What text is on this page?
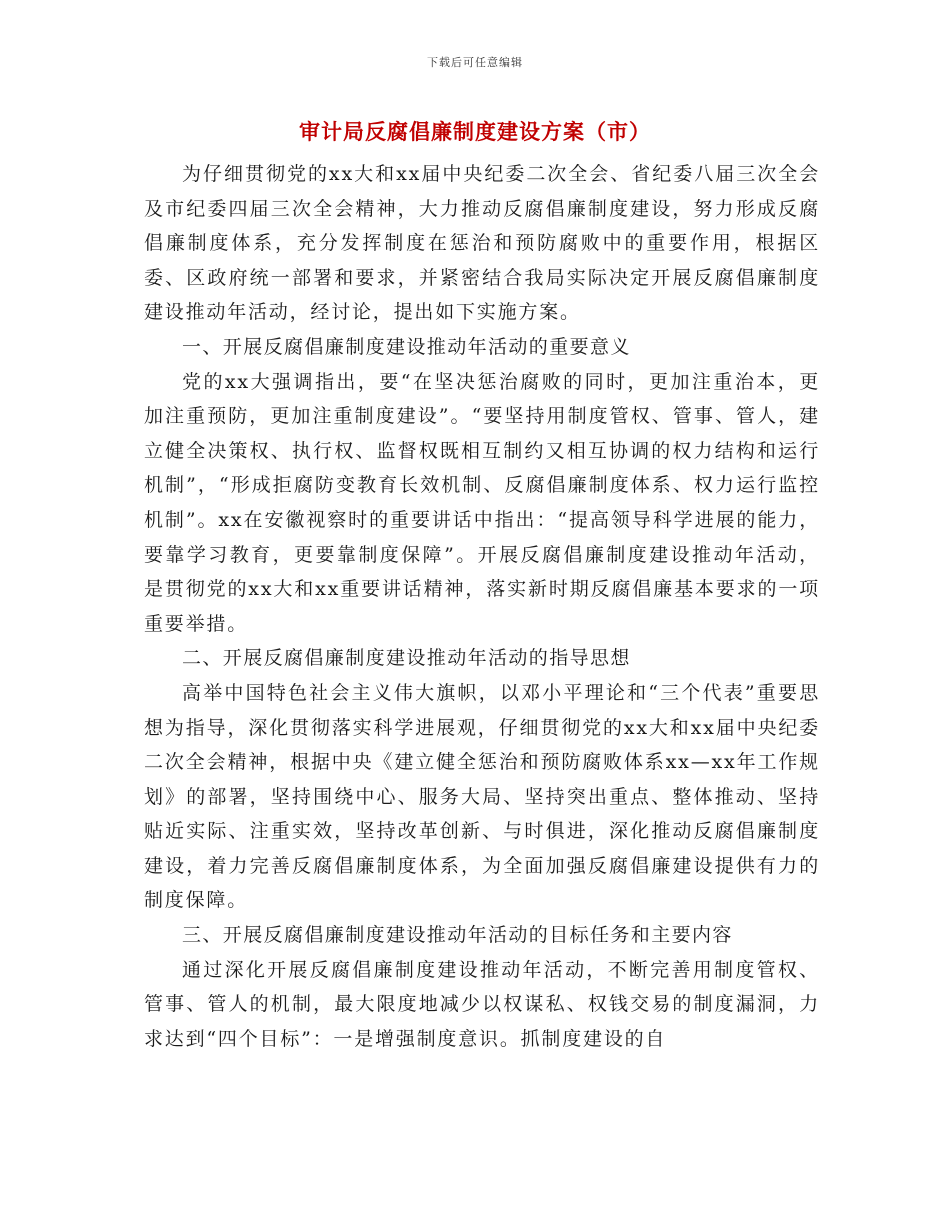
下载后可任意编辑
审计局反腐倡廉制度建设方案（市）

为仔细贯彻党的xx大和xx届中央纪委二次全会、省纪委八届三次全会及市纪委四届三次全会精神，大力推动反腐倡廉制度建设，努力形成反腐倡廉制度体系，充分发挥制度在惩治和预防腐败中的重要作用，根据区委、区政府统一部署和要求，并紧密结合我局实际决定开展反腐倡廉制度建设推动年活动，经讨论，提出如下实施方案。

一、开展反腐倡廉制度建设推动年活动的重要意义

党的xx大强调指出，要“在坚决惩治腐败的同时，更加注重治本，更加注重预防，更加注重制度建设”。“要坚持用制度管权、管事、管人，建立健全决策权、执行权、监督权既相互制约又相互协调的权力结构和运行机制”，“形成拒腐防变教育长效机制、反腐倡廉制度体系、权力运行监控机制”。xx在安徽视察时的重要讲话中指出：“提高领导科学进展的能力，要靠学习教育，更要靠制度保障”。开展反腐倡廉制度建设推动年活动，是贯彻党的xx大和xx重要讲话精神，落实新时期反腐倡廉基本要求的一项重要举措。

二、开展反腐倡廉制度建设推动年活动的指导思想

高举中国特色社会主义伟大旗帜，以邓小平理论和“三个代表”重要思想为指导，深化贯彻落实科学进展观，仔细贯彻党的xx大和xx届中央纪委二次全会精神，根据中央《建立健全惩治和预防腐败体系xx—xx年工作规划》的部署，坚持围绕中心、服务大局、坚持突出重点、整体推动、坚持贴近实际、注重实效，坚持改革创新、与时俱进，深化推动反腐倡廉制度建设，着力完善反腐倡廉制度体系，为全面加强反腐倡廉建设提供有力的制度保障。

三、开展反腐倡廉制度建设推动年活动的目标任务和主要内容

通过深化开展反腐倡廉制度建设推动年活动，不断完善用制度管权、管事、管人的机制，最大限度地减少以权谋私、权钱交易的制度漏洞，力求达到“四个目标”：一是增强制度意识。抓制度建设的自
